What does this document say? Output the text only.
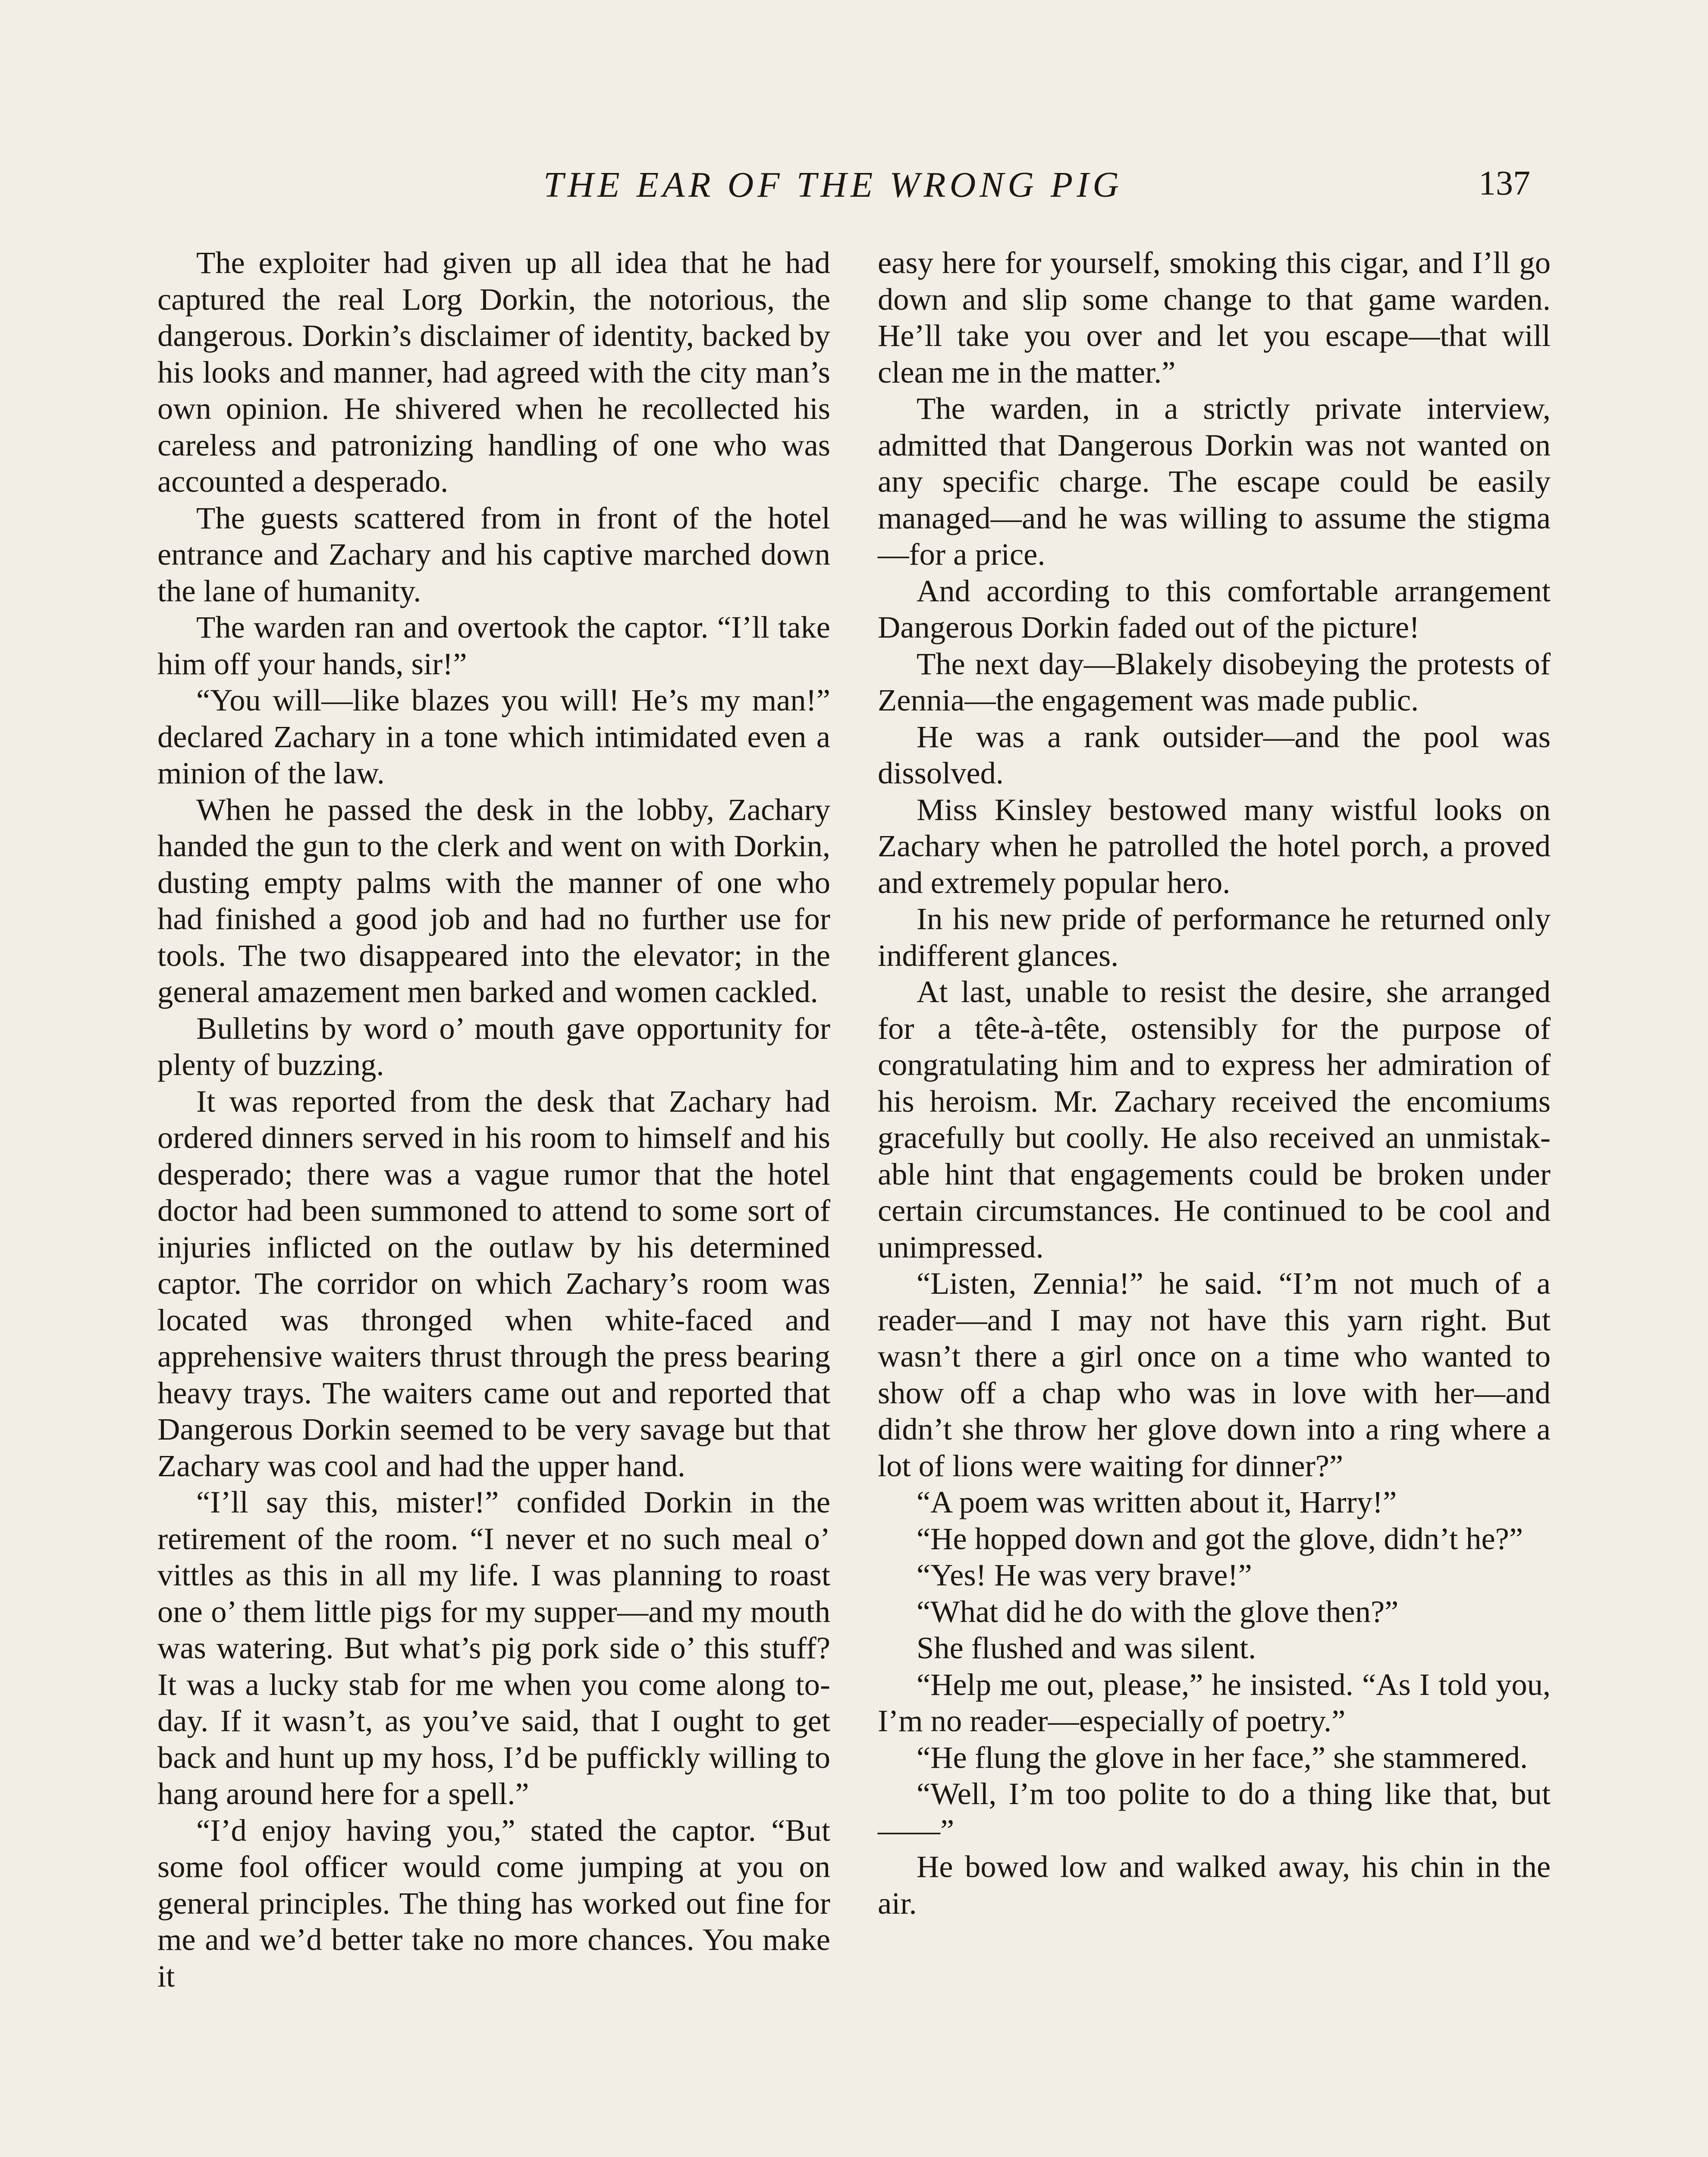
THE EAR OF THE WRONG PIG	137

The exploiter had given up all idea that he had captured the real Lorg Dorkin, the notorious, the dangerous. Dorkin’s disclaimer of identity, backed by his looks and manner, had agreed with the city man’s own opinion. He shivered when he recollected his careless and patronizing handling of one who was accounted a desperado.

The guests scattered from in front of the hotel entrance and Zachary and his captive marched down the lane of humanity.

The warden ran and overtook the captor. “I’ll take him off your hands, sir!”

“You will—like blazes you will! He’s my man!” declared Zachary in a tone which intimidated even a minion of the law.

When he passed the desk in the lobby, Zachary handed the gun to the clerk and went on with Dorkin, dusting empty palms with the manner of one who had finished a good job and had no further use for tools. The two disappeared into the elevator; in the general amazement men barked and women cackled.

Bulletins by word o’ mouth gave opportunity for plenty of buzzing.

It was reported from the desk that Zachary had ordered dinners served in his room to himself and his desperado; there was a vague rumor that the hotel doctor had been summoned to attend to some sort of injuries inflicted on the outlaw by his determined captor. The corridor on which Zachary’s room was located was thronged when white-faced and apprehensive waiters thrust through the press bearing heavy trays. The waiters came out and reported that Dangerous Dorkin seemed to be very savage but that Zachary was cool and had the upper hand.

“I’ll say this, mister!” confided Dorkin in the retirement of the room. “I never et no such meal o’ vittles as this in all my life. I was planning to roast one o’ them little pigs for my supper—and my mouth was watering. But what’s pig pork side o’ this stuff? It was a lucky stab for me when you come along to-day. If it wasn’t, as you’ve said, that I ought to get back and hunt up my hoss, I’d be puffickly willing to hang around here for a spell.”

“I’d enjoy having you,” stated the captor. “But some fool officer would come jumping at you on general principles. The thing has worked out fine for me and we’d better take no more chances. You make it

easy here for yourself, smoking this cigar, and I’ll go down and slip some change to that game warden. He’ll take you over and let you escape—that will clean me in the matter.”

The warden, in a strictly private interview, admitted that Dangerous Dorkin was not wanted on any specific charge. The escape could be easily managed—and he was willing to assume the stigma—for a price.

And according to this comfortable arrangement Dangerous Dorkin faded out of the picture!

The next day—Blakely disobeying the protests of Zennia—the engagement was made public.

He was a rank outsider—and the pool was dissolved.

Miss Kinsley bestowed many wistful looks on Zachary when he patrolled the hotel porch, a proved and extremely popular hero.

In his new pride of performance he returned only indifferent glances.

At last, unable to resist the desire, she arranged for a tête-à-tête, ostensibly for the purpose of congratulating him and to express her admiration of his heroism. Mr. Zachary received the encomiums gracefully but coolly. He also received an unmistakable hint that engagements could be broken under certain circumstances. He continued to be cool and unimpressed.

“Listen, Zennia!” he said. “I’m not much of a reader—and I may not have this yarn right. But wasn’t there a girl once on a time who wanted to show off a chap who was in love with her—and didn’t she throw her glove down into a ring where a lot of lions were waiting for dinner?”

“A poem was written about it, Harry!”

“He hopped down and got the glove, didn’t he?”

“Yes! He was very brave!”

“What did he do with the glove then?”

She flushed and was silent.

“Help me out, please,” he insisted. “As I told you, I’m no reader—especially of poetry.”

“He flung the glove in her face,” she stammered.

“Well, I’m too polite to do a thing like that, but——”

He bowed low and walked away, his chin in the air.
